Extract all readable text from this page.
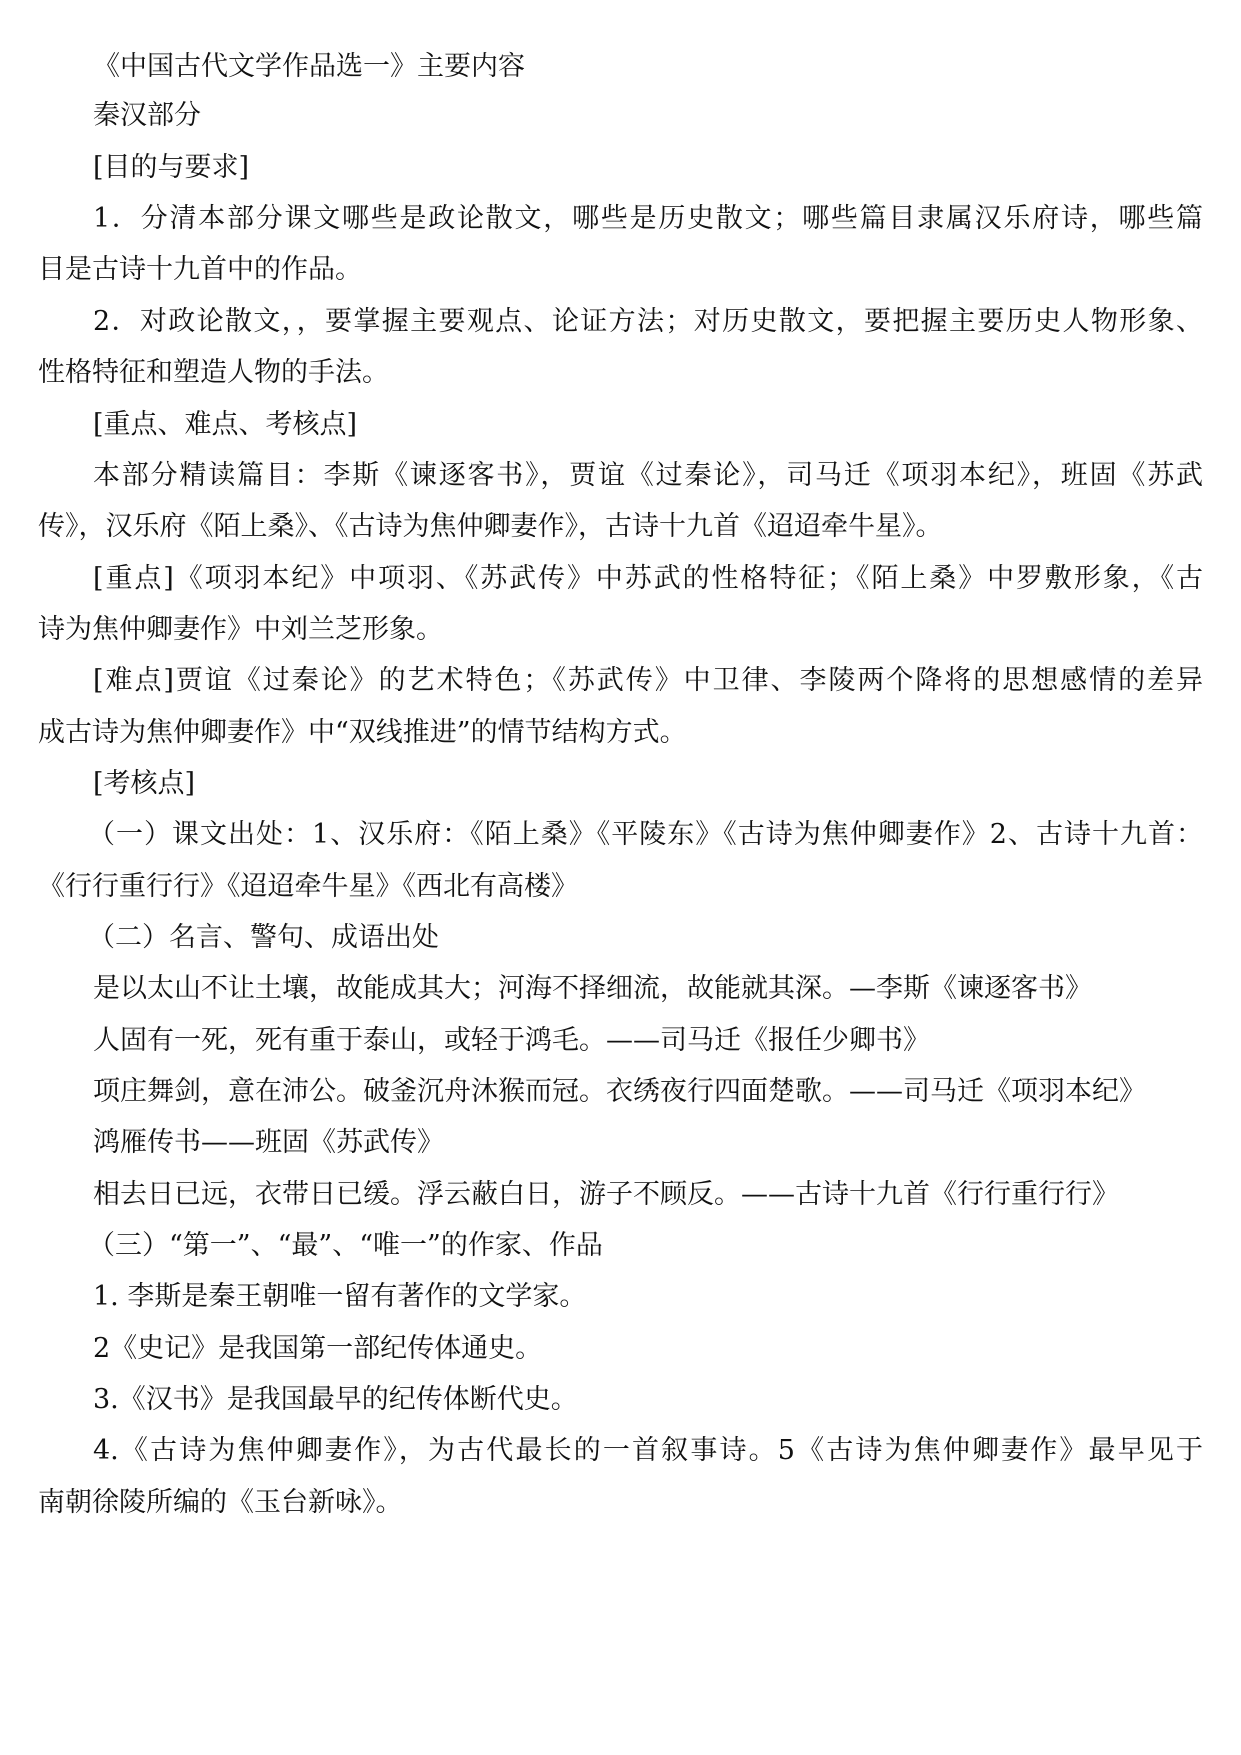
《中国古代文学作品选一》主要内容
秦汉部分
[目的与要求]
1．分清本部分课文哪些是政论散文，哪些是历史散文；哪些篇目隶属汉乐府诗，哪些篇
目是古诗十九首中的作品。
2．对政论散文，，要掌握主要观点、论证方法；对历史散文，要把握主要历史人物形象、
性格特征和塑造人物的手法。
[重点、难点、考核点]
本部分精读篇目：李斯《谏逐客书》，贾谊《过秦论》，司马迁《项羽本纪》，班固《苏武
传》，汉乐府《陌上桑》、《古诗为焦仲卿妻作》，古诗十九首《迢迢牵牛星》。
[重点]《项羽本纪》中项羽、《苏武传》中苏武的性格特征；《陌上桑》中罗敷形象，《古
诗为焦仲卿妻作》中刘兰芝形象。
[难点]贾谊《过秦论》的艺术特色；《苏武传》中卫律、李陵两个降将的思想感情的差异
成古诗为焦仲卿妻作》中“双线推进”的情节结构方式。
[考核点]
（一）课文出处：1、汉乐府：《陌上桑》《平陵东》《古诗为焦仲卿妻作》2、古诗十九首：
《行行重行行》《迢迢牵牛星》《西北有高楼》
（二）名言、警句、成语出处
是以太山不让土壤，故能成其大；河海不择细流，故能就其深。—李斯《谏逐客书》
人固有一死，死有重于泰山，或轻于鸿毛。——司马迁《报任少卿书》
项庄舞剑，意在沛公。破釜沉舟沐猴而冠。衣绣夜行四面楚歌。——司马迁《项羽本纪》
鸿雁传书——班固《苏武传》
相去日已远，衣带日已缓。浮云蔽白日，游子不顾反。——古诗十九首《行行重行行》
（三）“第一”、“最”、“唯一”的作家、作品
1. 李斯是秦王朝唯一留有著作的文学家。
2《史记》是我国第一部纪传体通史。
3.《汉书》是我国最早的纪传体断代史。
4.《古诗为焦仲卿妻作》，为古代最长的一首叙事诗。5《古诗为焦仲卿妻作》最早见于
南朝徐陵所编的《玉台新咏》。
